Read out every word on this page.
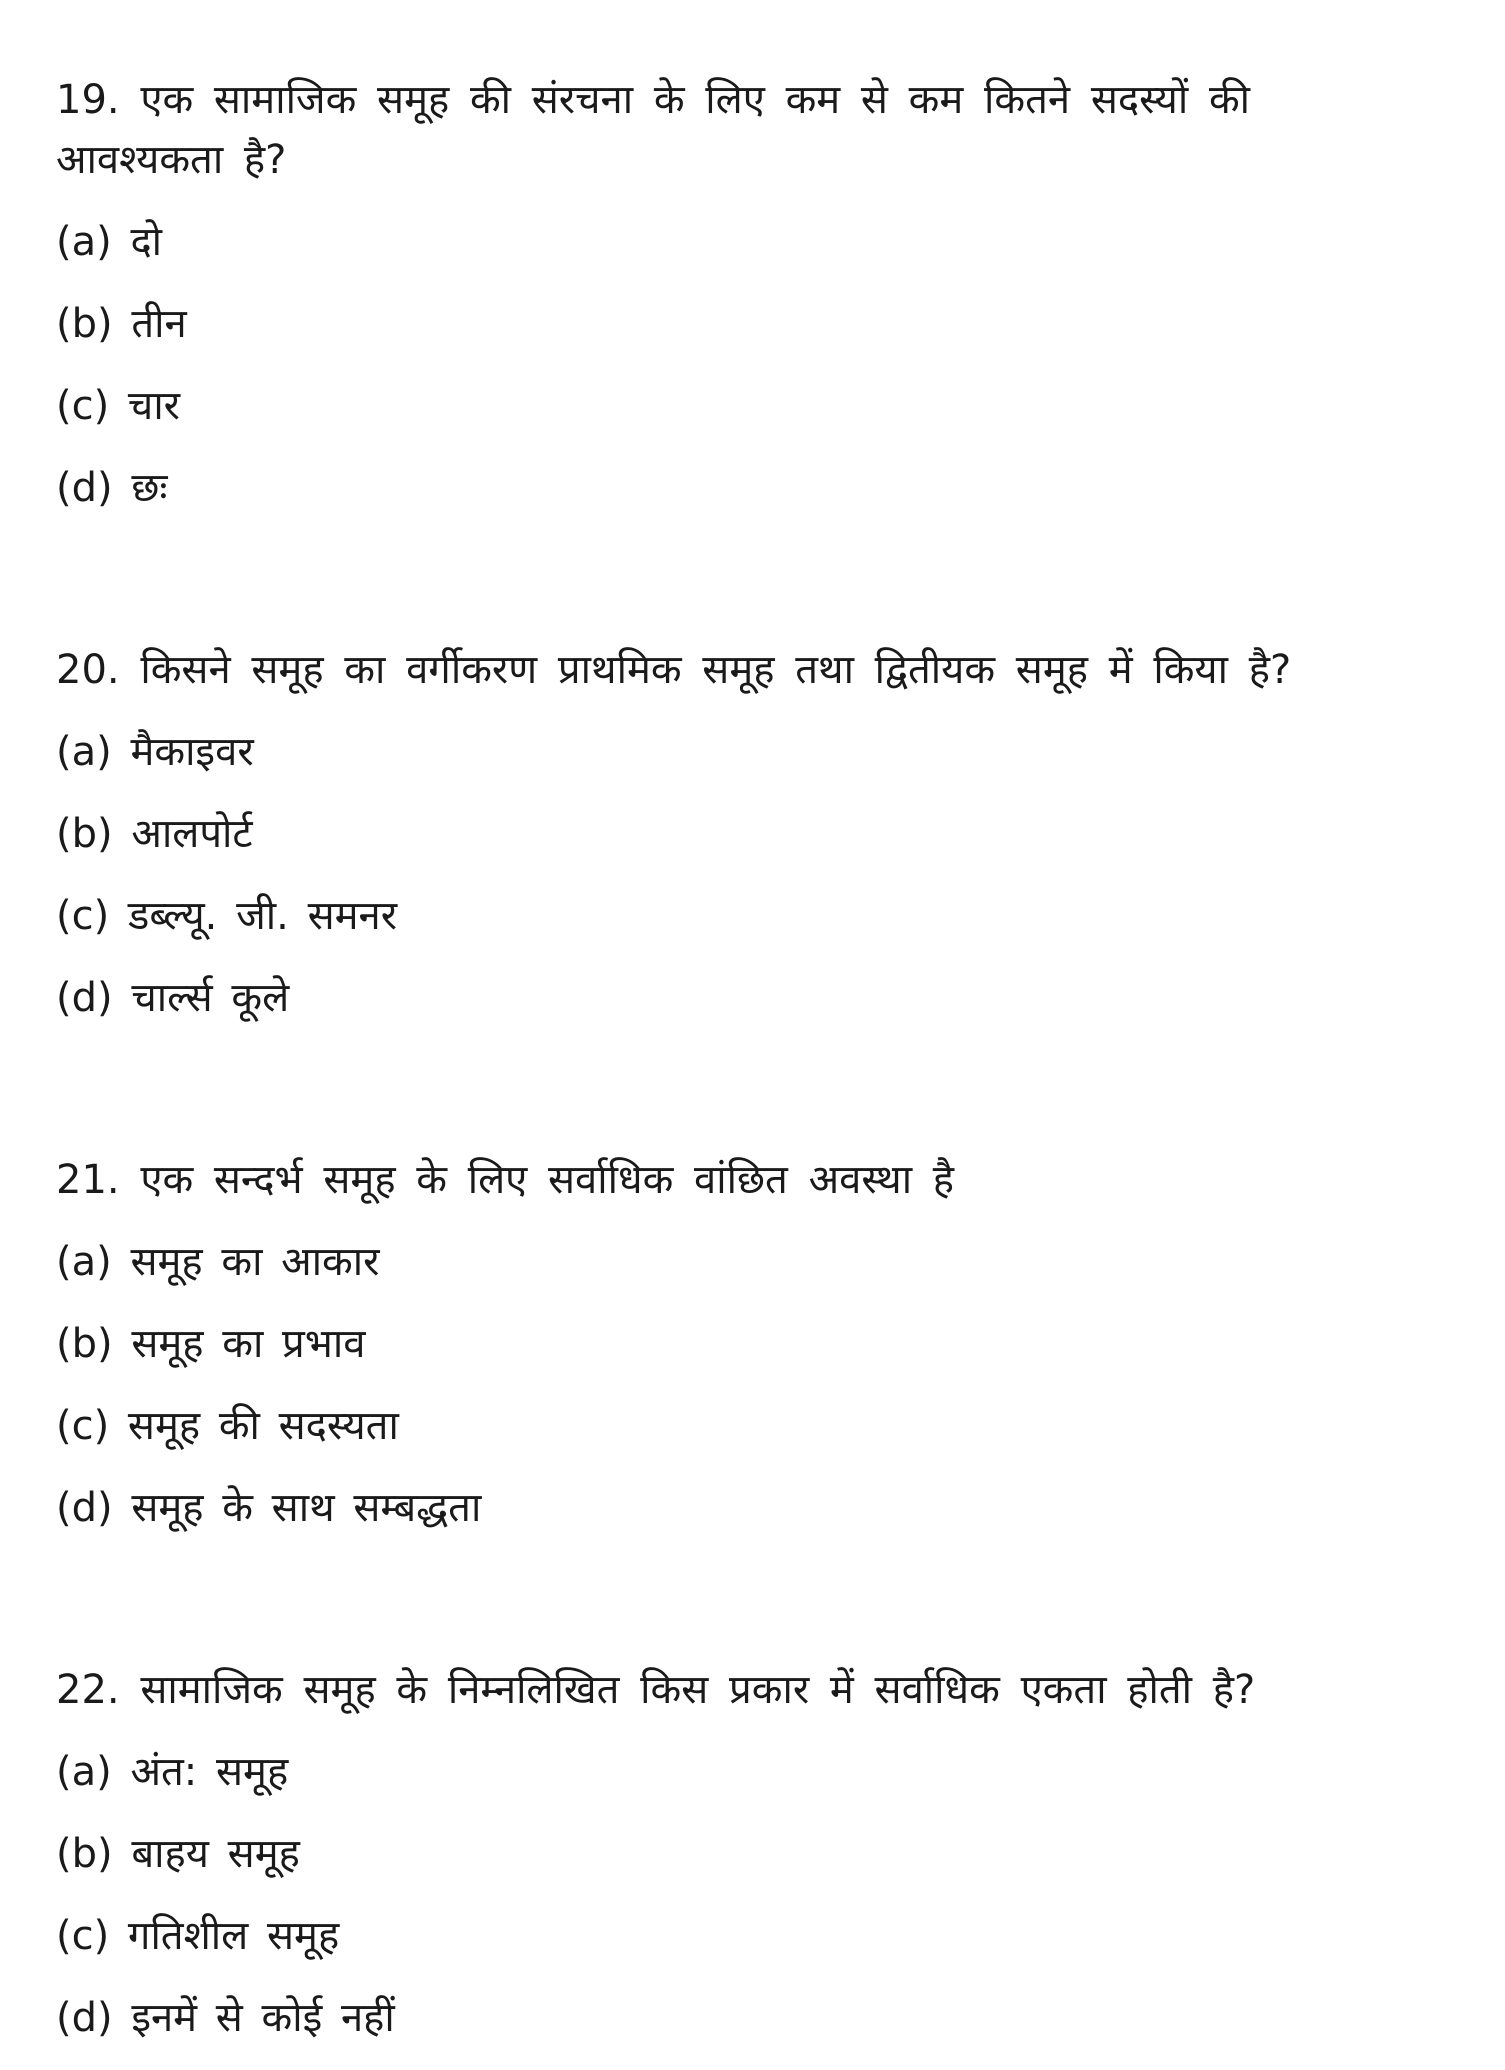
19. एक सामाजिक समूह की संरचना के लिए कम से कम कितने सदस्यों की आवश्यकता है?

(a) दो

(b) तीन

(c) चार

(d) छः

20. किसने समूह का वर्गीकरण प्राथमिक समूह तथा द्वितीयक समूह में किया है?

(a) मैकाइवर

(b) आलपोर्ट

(c) डब्ल्यू. जी. समनर

(d) चार्ल्स कूले

21. एक सन्दर्भ समूह के लिए सर्वाधिक वांछित अवस्था है

(a) समूह का आकार

(b) समूह का प्रभाव

(c) समूह की सदस्यता

(d) समूह के साथ सम्बद्धता

22. सामाजिक समूह के निम्नलिखित किस प्रकार में सर्वाधिक एकता होती है?

(a) अंत: समूह

(b) बाहय समूह

(c) गतिशील समूह

(d) इनमें से कोई नहीं
